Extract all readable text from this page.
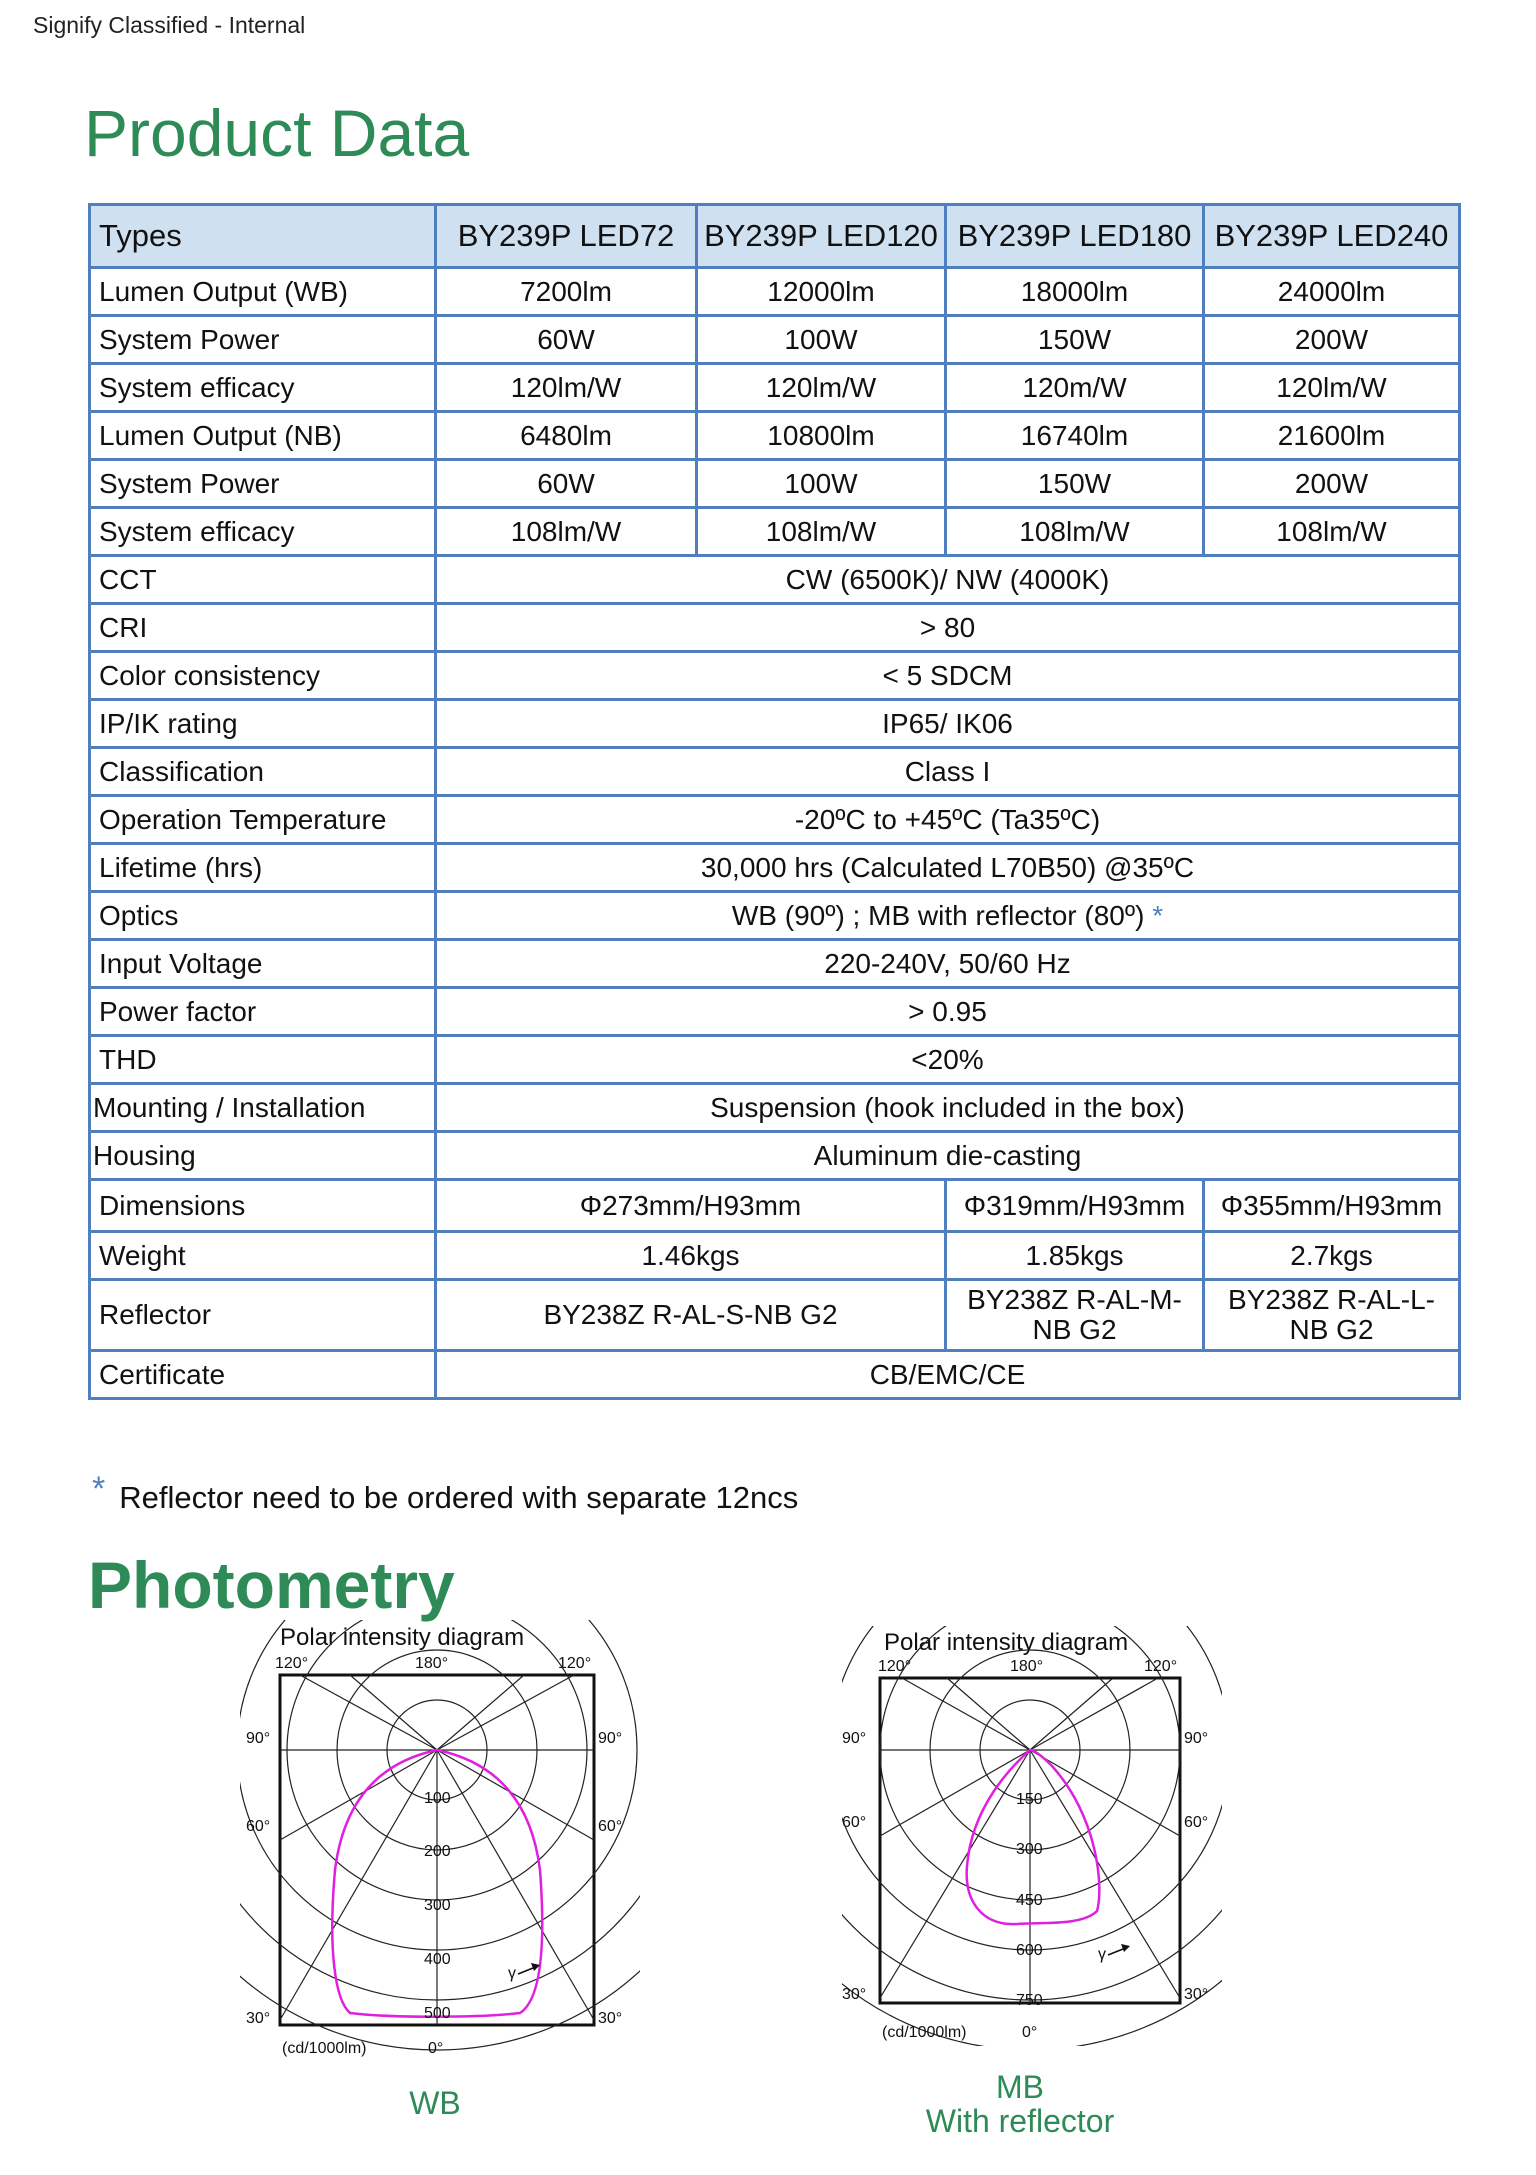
Signify Classified - Internal
Product Data
Types	BY239P LED72	BY239P LED120	BY239P LED180	BY239P LED240
Lumen Output (WB)	7200lm	12000lm	18000lm	24000lm
System Power	60W	100W	150W	200W
System efficacy	120lm/W	120lm/W	120m/W	120lm/W
Lumen Output (NB)	6480lm	10800lm	16740lm	21600lm
System Power	60W	100W	150W	200W
System efficacy	108lm/W	108lm/W	108lm/W	108lm/W
CCT	CW (6500K)/ NW (4000K)			
CRI	> 80			
Color consistency	< 5 SDCM			
IP/IK rating	IP65/ IK06			
Classification	Class I			
Operation Temperature	-20ºC to +45ºC (Ta35ºC)			
Lifetime (hrs)	30,000 hrs (Calculated L70B50) @35ºC			
Optics	WB (90º) ; MB with reflector (80º) *			
Input Voltage	220-240V, 50/60 Hz			
Power factor	> 0.95			
THD	<20%			
Mounting / Installation	Suspension (hook included in the box)			
Housing	Aluminum die-casting			
Dimensions	Φ273mm/H93mm		Φ319mm/H93mm	Φ355mm/H93mm
Weight	1.46kgs		1.85kgs	2.7kgs
Reflector	BY238Z R-AL-S-NB G2		BY238Z R-AL-M-NB G2	BY238Z R-AL-L-NB G2
Certificate	CB/EMC/CE			
* Reflector need to be ordered with separate 12ncs
Photometry
Polar intensity diagram
120°	180°	120°
100
200
300
400
500
γ
90°
60°
30°
90°
60°
30°
(cd/1000lm)	0°
WB
Polar intensity diagram
120°	180°	120°
150
300
450
600
750
γ
90°
60°
30°
90°
60°
30°
(cd/1000lm)	0°
MB
With reflector
